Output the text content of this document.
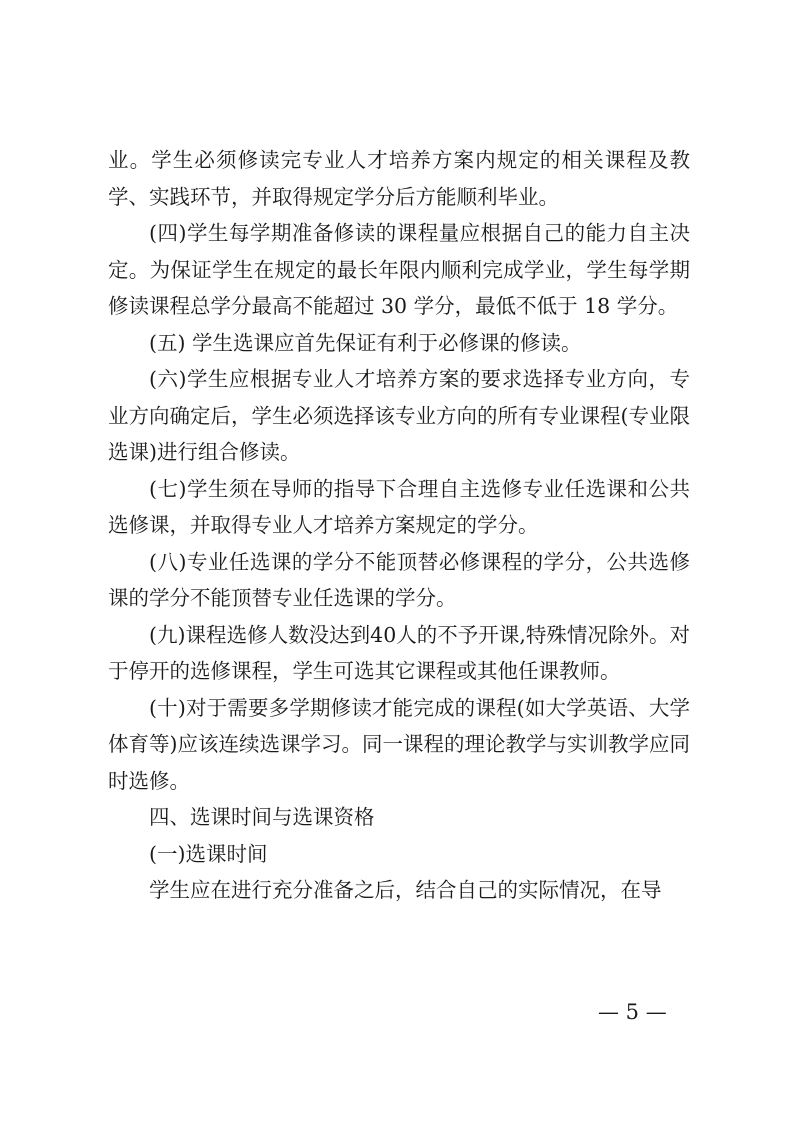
业。学生必须修读完专业人才培养方案内规定的相关课程及教学、实践环节，并取得规定学分后方能顺利毕业。

(四)学生每学期准备修读的课程量应根据自己的能力自主决定。为保证学生在规定的最长年限内顺利完成学业，学生每学期修读课程总学分最高不能超过 30 学分，最低不低于 18 学分。

(五) 学生选课应首先保证有利于必修课的修读。

(六)学生应根据专业人才培养方案的要求选择专业方向，专业方向确定后，学生必须选择该专业方向的所有专业课程(专业限选课)进行组合修读。

(七)学生须在导师的指导下合理自主选修专业任选课和公共选修课，并取得专业人才培养方案规定的学分。

(八)专业任选课的学分不能顶替必修课程的学分，公共选修课的学分不能顶替专业任选课的学分。

(九)课程选修人数没达到40人的不予开课,特殊情况除外。对于停开的选修课程，学生可选其它课程或其他任课教师。

(十)对于需要多学期修读才能完成的课程(如大学英语、大学体育等)应该连续选课学习。同一课程的理论教学与实训教学应同时选修。

四、选课时间与选课资格

(一)选课时间

学生应在进行充分准备之后，结合自己的实际情况，在导

— 5 —
